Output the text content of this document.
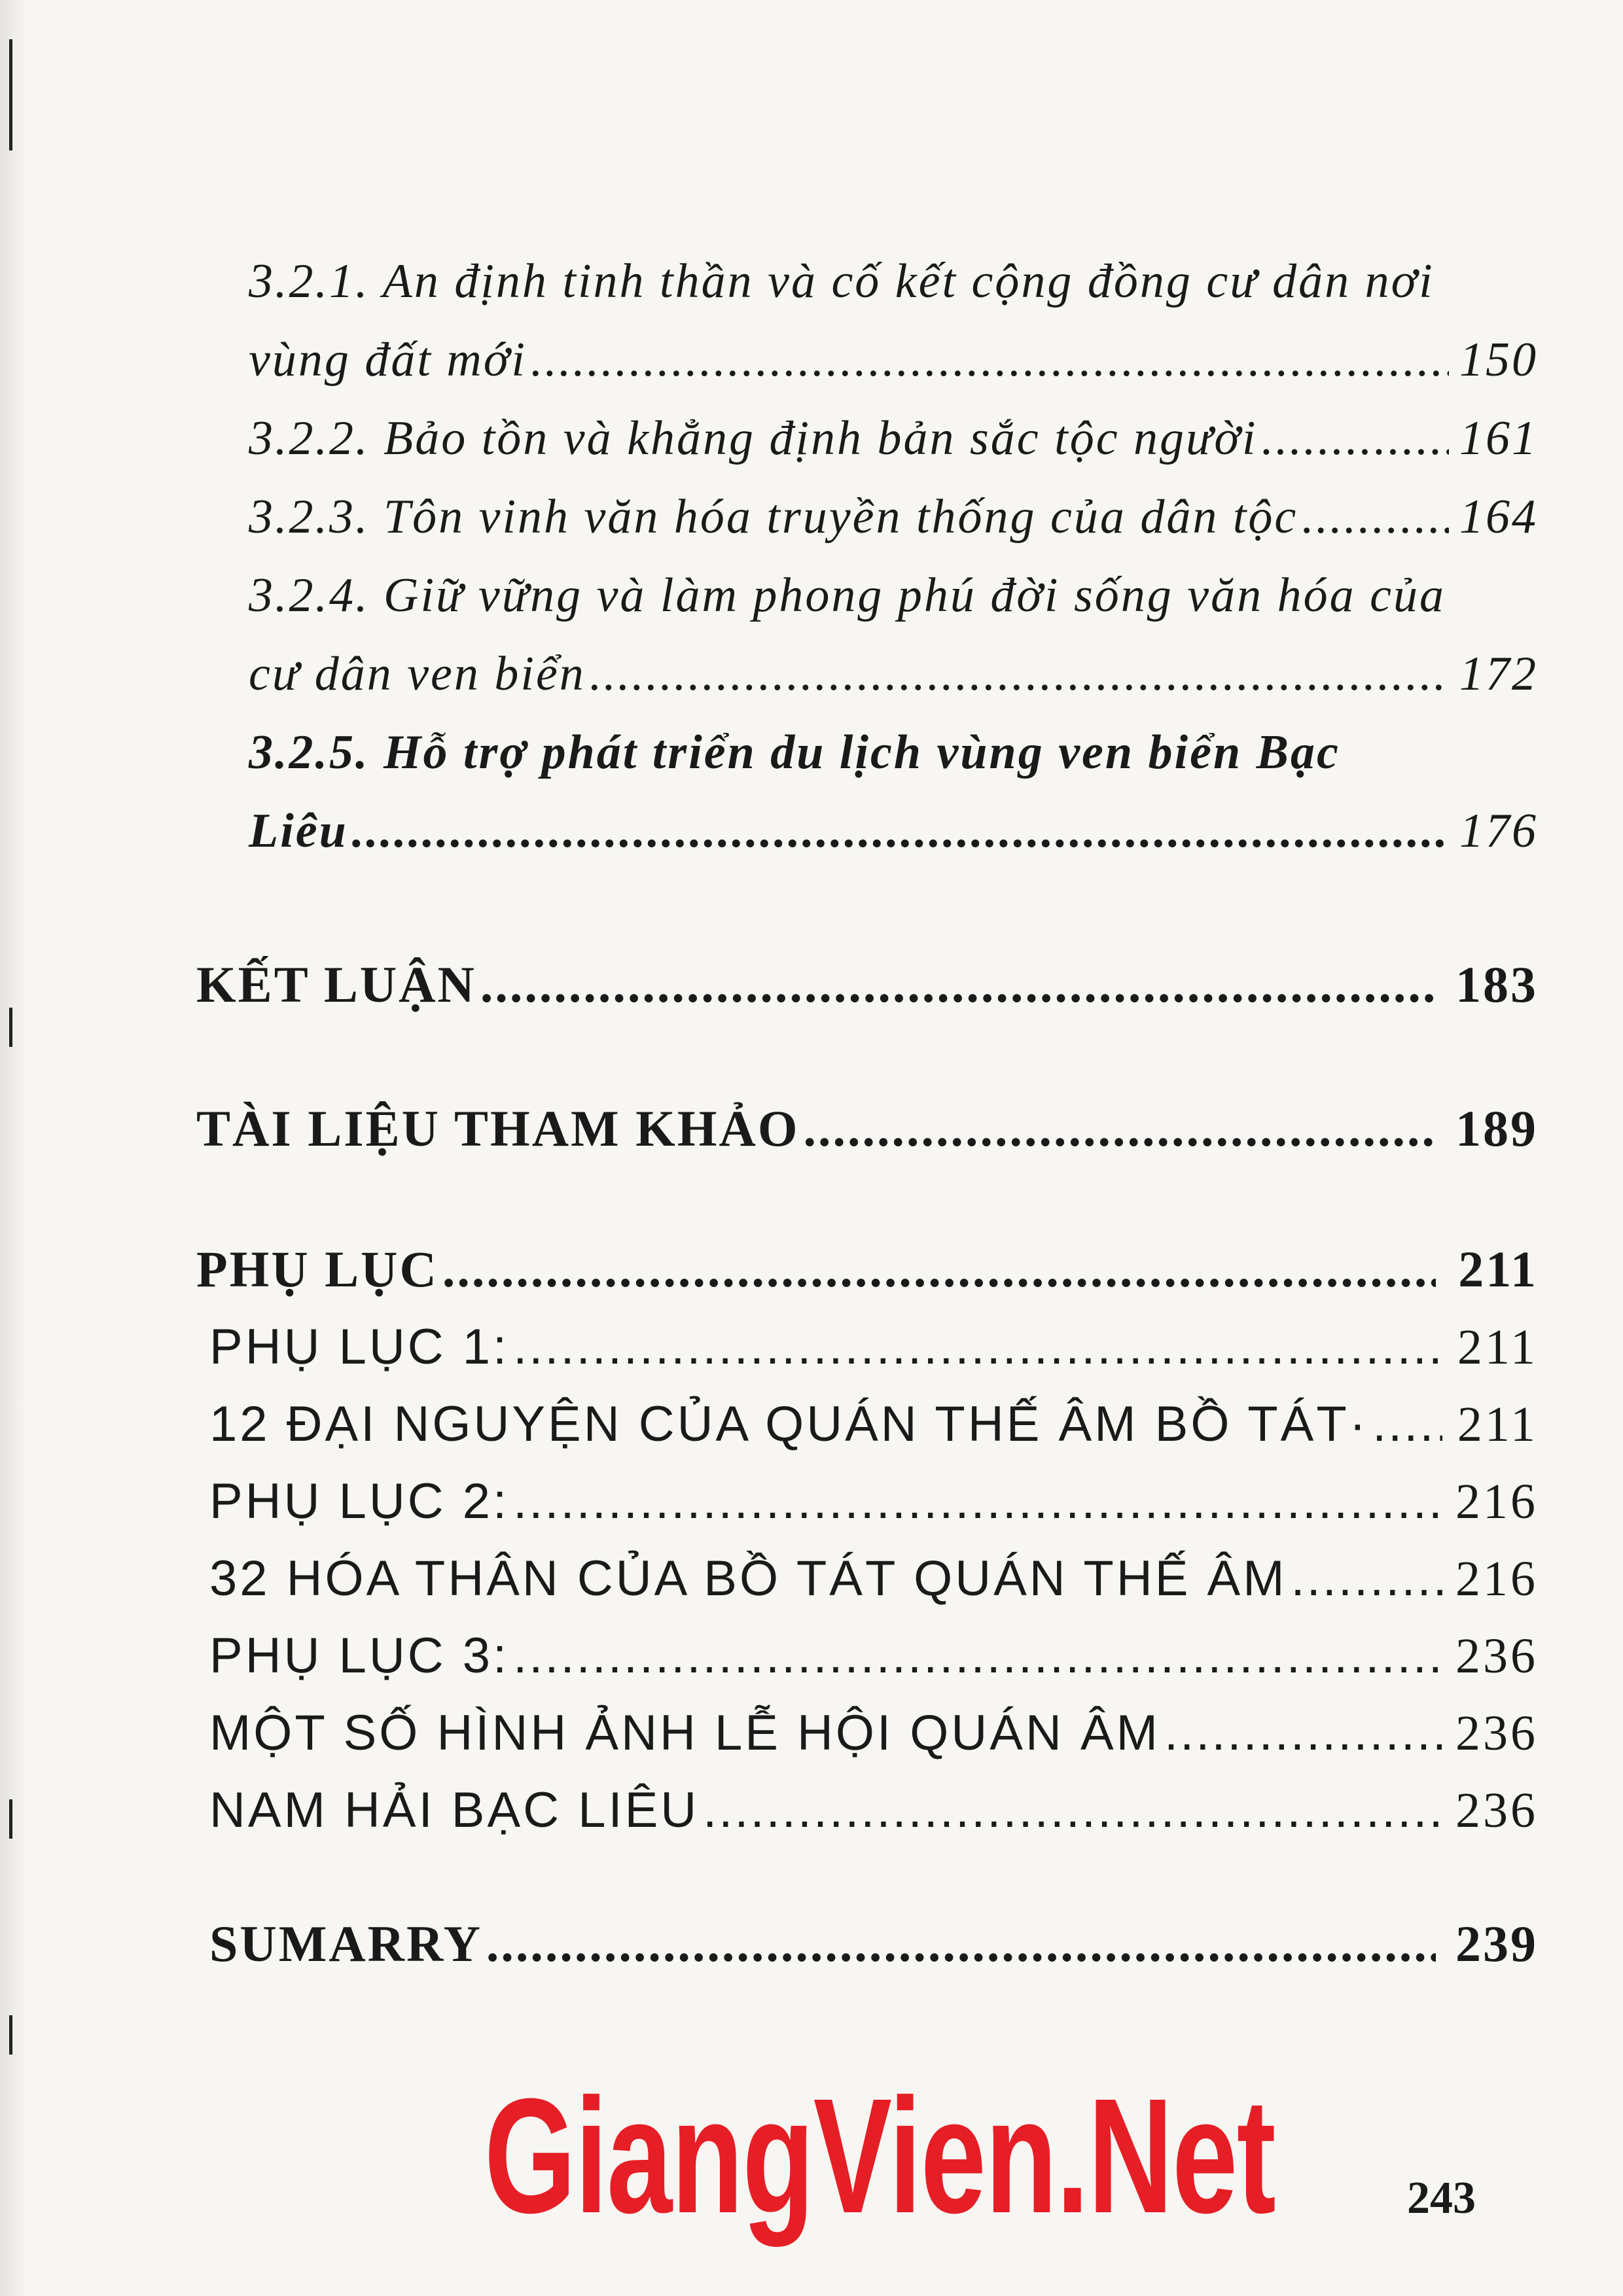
3.2.1. An định tinh thần và cố kết cộng đồng cư dân nơi
vùng đất mới .....	150
3.2.2. Bảo tồn và khẳng định bản sắc tộc người .....	161
3.2.3. Tôn vinh văn hóa truyền thống của dân tộc .....	164
3.2.4. Giữ vững và làm phong phú đời sống văn hóa của
cư dân ven biển .....	172
3.2.5. Hỗ trợ phát triển du lịch vùng ven biển Bạc
Liêu .....	176
KẾT LUẬN .....	183
TÀI LIỆU THAM KHẢO .....	189
PHỤ LỤC .....	211
PHỤ LỤC 1: .....	211
12 ĐẠI NGUYỆN CỦA QUÁN THẾ ÂM BỒ TÁT· ..... 211
PHỤ LỤC 2: .....	216
32 HÓA THÂN CỦA BỒ TÁT QUÁN THẾ ÂM .....	216
PHỤ LỤC 3: .....	236
MỘT SỐ HÌNH ẢNH LỄ HỘI QUÁN ÂM .....	236
NAM HẢI BẠC LIÊU .....	236
SUMARRY .....	239
GiangVien.Net	243
